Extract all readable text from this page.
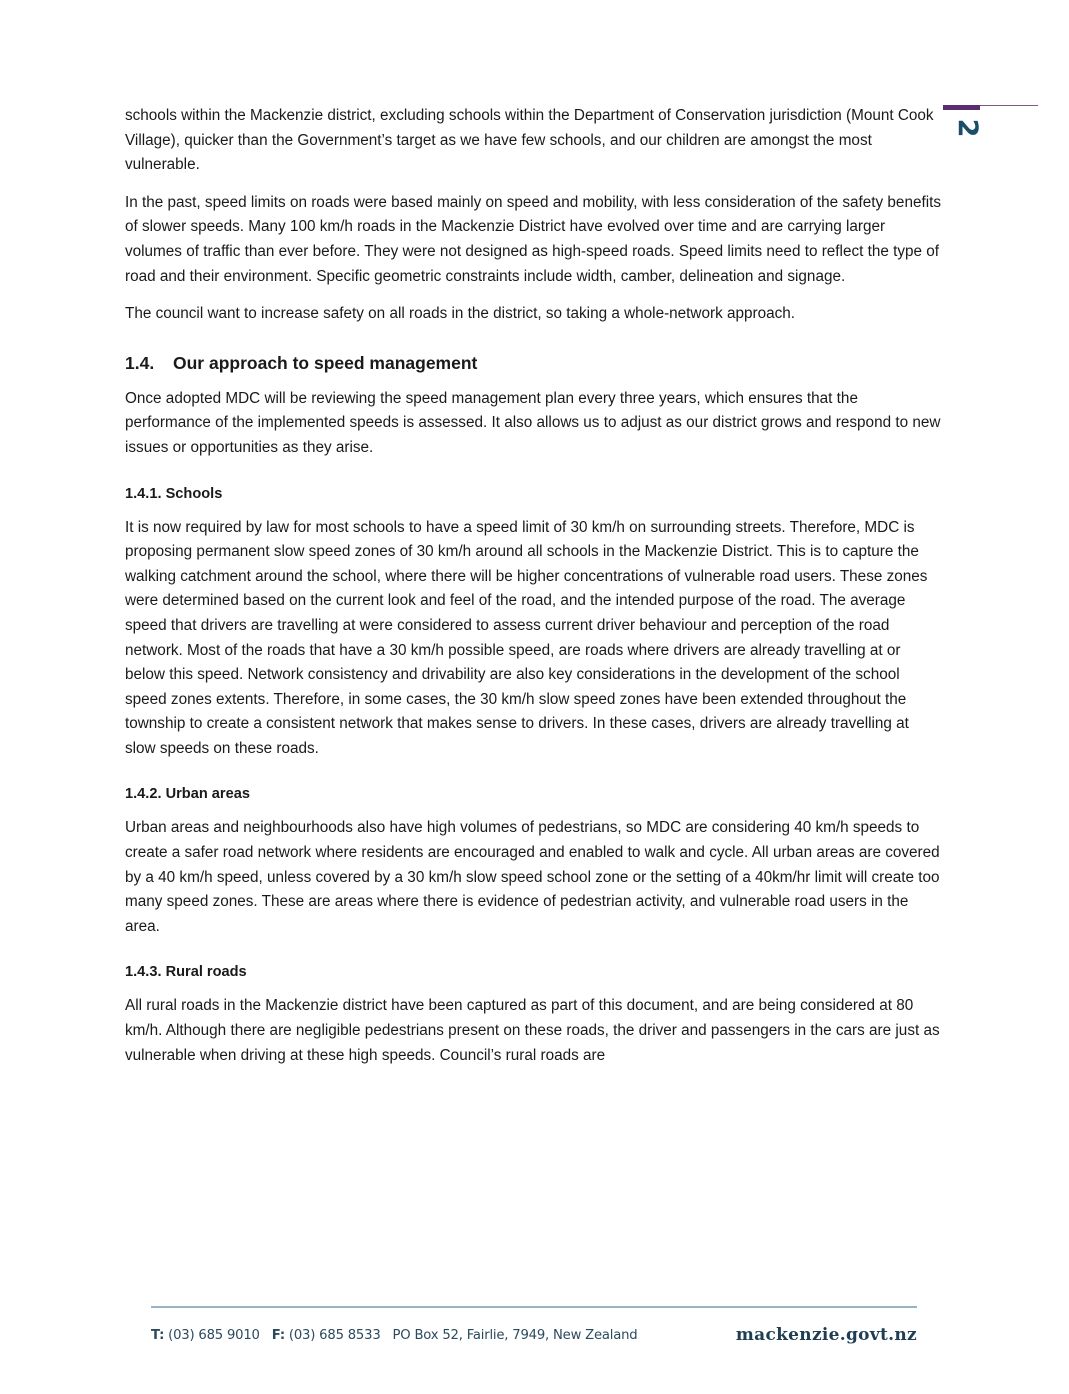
2

schools within the Mackenzie district, excluding schools within the Department of Conservation jurisdiction (Mount Cook Village), quicker than the Government’s target as we have few schools, and our children are amongst the most vulnerable.

In the past, speed limits on roads were based mainly on speed and mobility, with less consideration of the safety benefits of slower speeds. Many 100 km/h roads in the Mackenzie District have evolved over time and are carrying larger volumes of traffic than ever before. They were not designed as high-speed roads. Speed limits need to reflect the type of road and their environment. Specific geometric constraints include width, camber, delineation and signage.

The council want to increase safety on all roads in the district, so taking a whole-network approach.

1.4. Our approach to speed management

Once adopted MDC will be reviewing the speed management plan every three years, which ensures that the performance of the implemented speeds is assessed. It also allows us to adjust as our district grows and respond to new issues or opportunities as they arise.

1.4.1. Schools

It is now required by law for most schools to have a speed limit of 30 km/h on surrounding streets. Therefore, MDC is proposing permanent slow speed zones of 30 km/h around all schools in the Mackenzie District. This is to capture the walking catchment around the school, where there will be higher concentrations of vulnerable road users. These zones were determined based on the current look and feel of the road, and the intended purpose of the road. The average speed that drivers are travelling at were considered to assess current driver behaviour and perception of the road network. Most of the roads that have a 30 km/h possible speed, are roads where drivers are already travelling at or below this speed. Network consistency and drivability are also key considerations in the development of the school speed zones extents. Therefore, in some cases, the 30 km/h slow speed zones have been extended throughout the township to create a consistent network that makes sense to drivers. In these cases, drivers are already travelling at slow speeds on these roads.

1.4.2. Urban areas

Urban areas and neighbourhoods also have high volumes of pedestrians, so MDC are considering 40 km/h speeds to create a safer road network where residents are encouraged and enabled to walk and cycle. All urban areas are covered by a 40 km/h speed, unless covered by a 30 km/h slow speed school zone or the setting of a 40km/hr limit will create too many speed zones. These are areas where there is evidence of pedestrian activity, and vulnerable road users in the area.

1.4.3. Rural roads

All rural roads in the Mackenzie district have been captured as part of this document, and are being considered at 80 km/h. Although there are negligible pedestrians present on these roads, the driver and passengers in the cars are just as vulnerable when driving at these high speeds. Council’s rural roads are

T: (03) 685 9010 F: (03) 685 8533 PO Box 52, Fairlie, 7949, New Zealand	mackenzie.govt.nz
